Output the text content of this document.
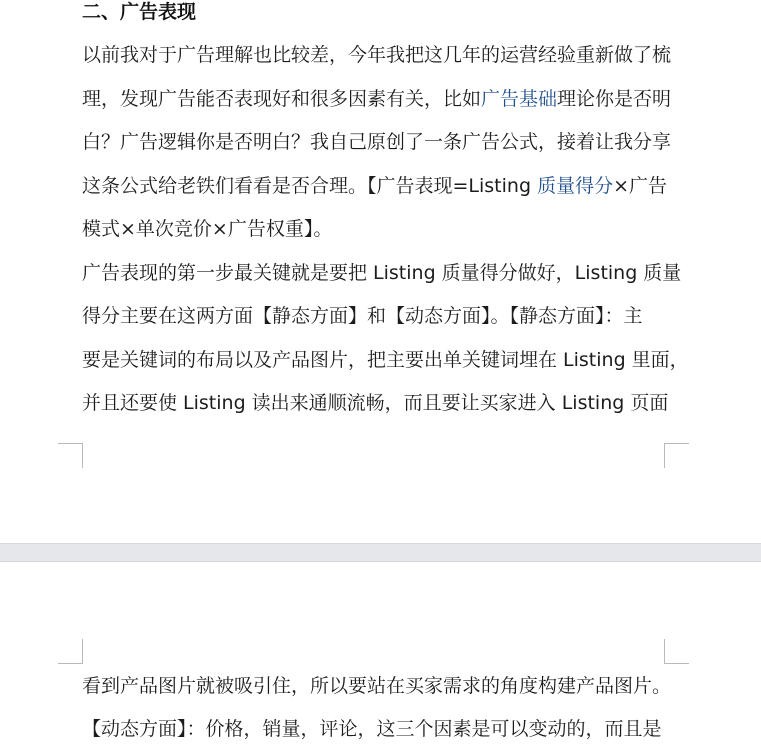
二、广告表现

以前我对于广告理解也比较差，今年我把这几年的运营经验重新做了梳

理，发现广告能否表现好和很多因素有关，比如广告基础理论你是否明

白？广告逻辑你是否明白？我自己原创了一条广告公式，接着让我分享

这条公式给老铁们看看是否合理。【广告表现=Listing 质量得分×广告

模式×单次竞价×广告权重】。

广告表现的第一步最关键就是要把 Listing 质量得分做好，Listing 质量

得分主要在这两方面【静态方面】和【动态方面】。【静态方面】：主

要是关键词的布局以及产品图片，把主要出单关键词埋在 Listing 里面，

并且还要使 Listing 读出来通顺流畅，而且要让买家进入 Listing 页面

看到产品图片就被吸引住，所以要站在买家需求的角度构建产品图片。

【动态方面】：价格，销量，评论，这三个因素是可以变动的，而且是
